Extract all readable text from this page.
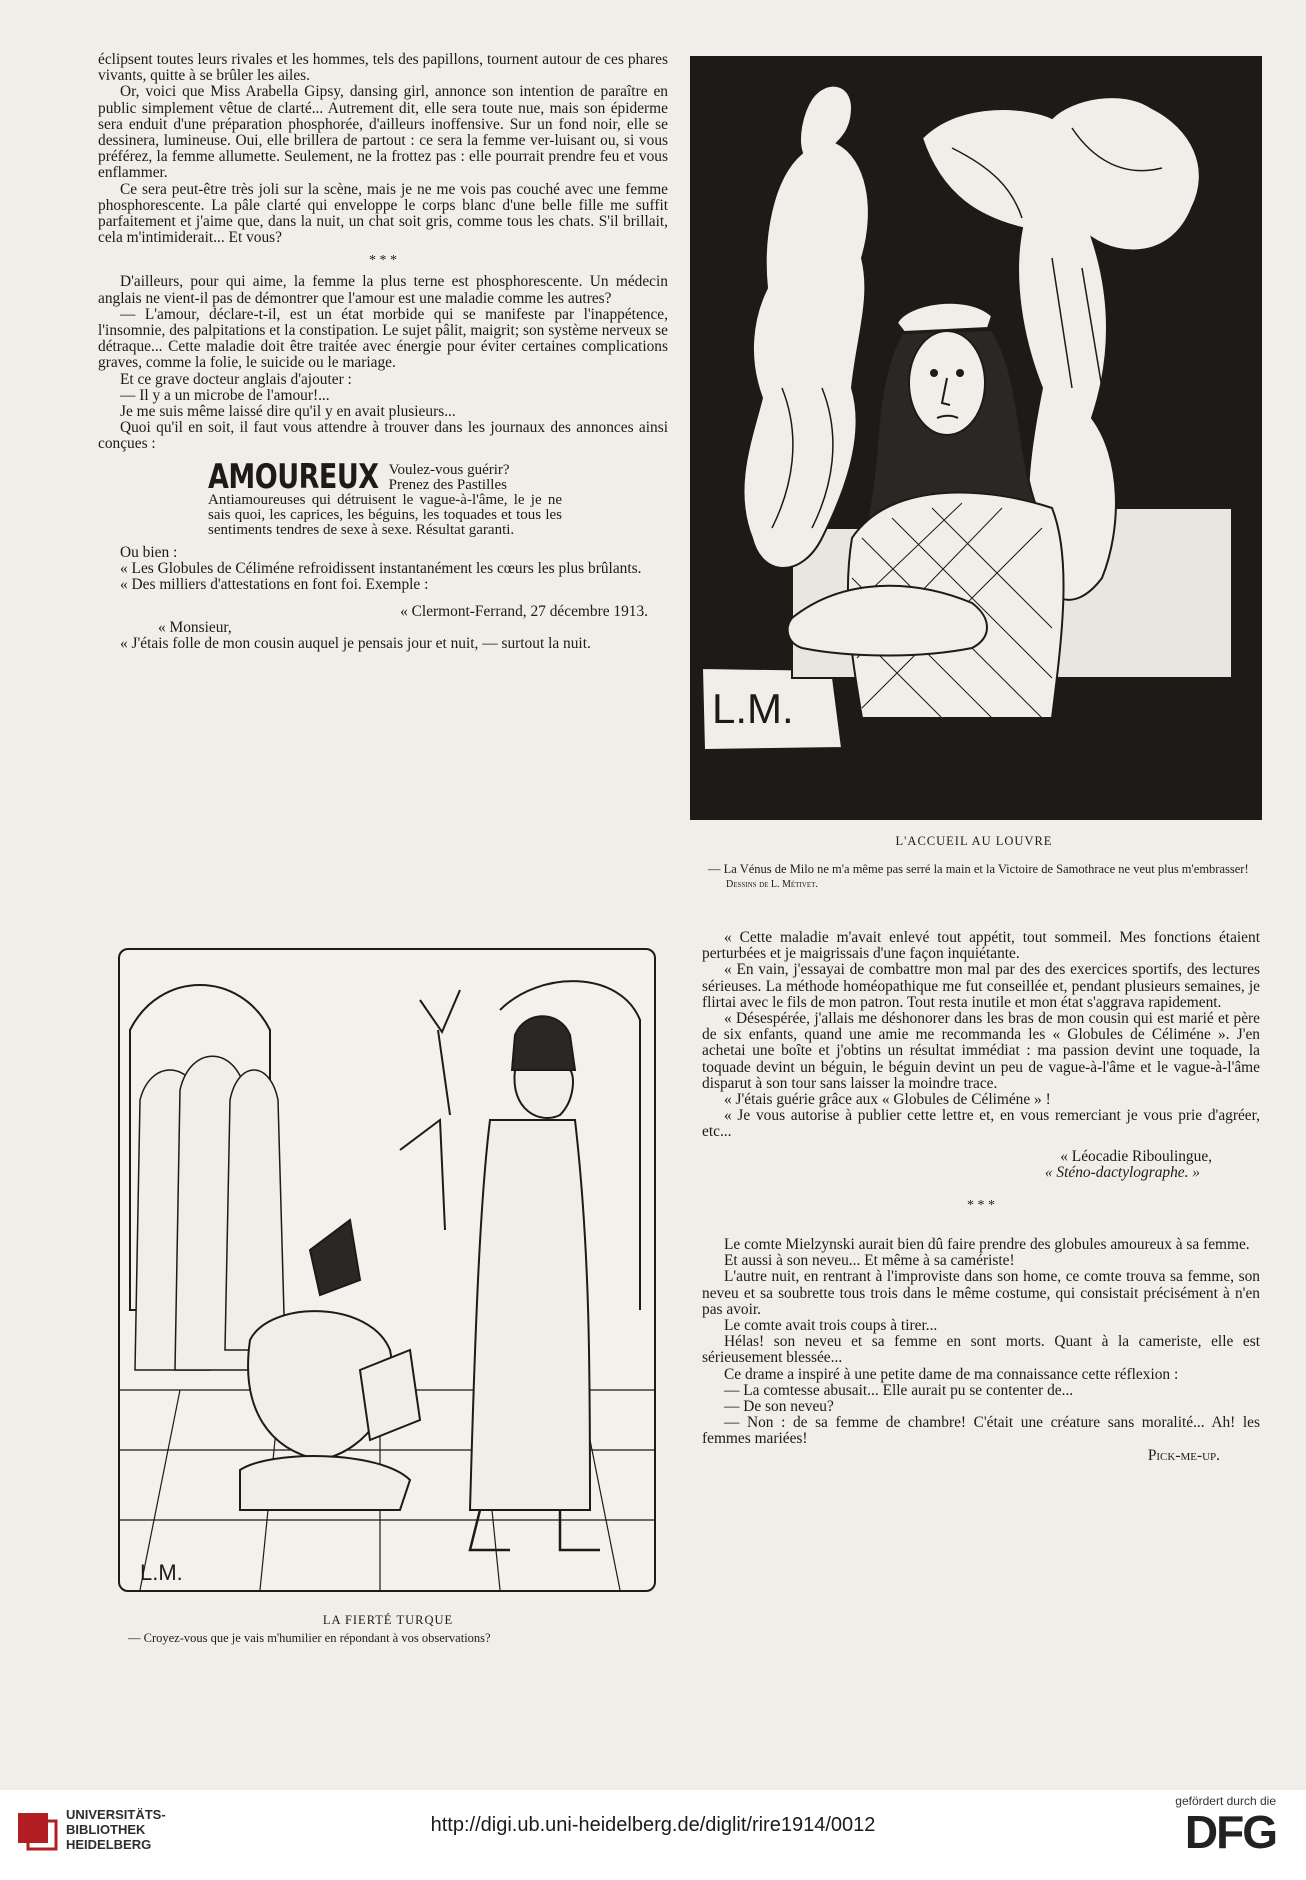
éclipsent toutes leurs rivales et les hommes, tels des papillons, tournent autour de ces phares vivants, quitte à se brûler les ailes.

Or, voici que Miss Arabella Gipsy, dansing girl, annonce son intention de paraître en public simplement vêtue de clarté... Autrement dit, elle sera toute nue, mais son épiderme sera enduit d'une préparation phosphorée, d'ailleurs inoffensive. Sur un fond noir, elle se dessinera, lumineuse. Oui, elle brillera de partout : ce sera la femme ver-luisant ou, si vous préférez, la femme allumette. Seulement, ne la frottez pas : elle pourrait prendre feu et vous enflammer.

Ce sera peut-être très joli sur la scène, mais je ne me vois pas couché avec une femme phosphorescente. La pâle clarté qui enveloppe le corps blanc d'une belle fille me suffit parfaitement et j'aime que, dans la nuit, un chat soit gris, comme tous les chats. S'il brillait, cela m'intimiderait... Et vous?

* * *

D'ailleurs, pour qui aime, la femme la plus terne est phosphorescente. Un médecin anglais ne vient-il pas de démontrer que l'amour est une maladie comme les autres?

— L'amour, déclare-t-il, est un état morbide qui se manifeste par l'inappétence, l'insomnie, des palpitations et la constipation. Le sujet pâlit, maigrit; son système nerveux se détraque... Cette maladie doit être traitée avec énergie pour éviter certaines complications graves, comme la folie, le suicide ou le mariage.

Et ce grave docteur anglais d'ajouter :

— Il y a un microbe de l'amour!...

Je me suis même laissé dire qu'il y en avait plusieurs...

Quoi qu'il en soit, il faut vous attendre à trouver dans les journaux des annonces ainsi conçues :

AMOUREUX Voulez-vous guérir?
Prenez des Pastilles

Antiamoureuses qui détruisent le vague-à-l'âme, le je ne sais quoi, les caprices, les béguins, les toquades et tous les sentiments tendres de sexe à sexe. Résultat garanti.

Ou bien :

« Les Globules de Céliméne refroidissent instantanément les cœurs les plus brûlants.

« Des milliers d'attestations en font foi. Exemple :

« Clermont-Ferrand, 27 décembre 1913.

« Monsieur,

« J'étais folle de mon cousin auquel je pensais jour et nuit, — surtout la nuit.

L.M.
L'ACCUEIL AU LOUVRE
— La Vénus de Milo ne m'a même pas serré la main et la Victoire de Samothrace ne veut plus m'embrasser! Dessins de L. Métivet.

« Cette maladie m'avait enlevé tout appétit, tout sommeil. Mes fonctions étaient perturbées et je maigrissais d'une façon inquiétante.

« En vain, j'essayai de combattre mon mal par des des exercices sportifs, des lectures sérieuses. La méthode homéopathique me fut conseillée et, pendant plusieurs semaines, je flirtai avec le fils de mon patron. Tout resta inutile et mon état s'aggrava rapidement.

« Désespérée, j'allais me déshonorer dans les bras de mon cousin qui est marié et père de six enfants, quand une amie me recommanda les « Globules de Céliméne ». J'en achetai une boîte et j'obtins un résultat immédiat : ma passion devint une toquade, la toquade devint un béguin, le béguin devint un peu de vague-à-l'âme et le vague-à-l'âme disparut à son tour sans laisser la moindre trace.

« J'étais guérie grâce aux « Globules de Céliméne » !

« Je vous autorise à publier cette lettre et, en vous remerciant je vous prie d'agréer, etc...

« Léocadie Riboulingue,

« Sténo-dactylographe. »

* * *

Le comte Mielzynski aurait bien dû faire prendre des globules amoureux à sa femme.

Et aussi à son neveu... Et même à sa camériste!

L'autre nuit, en rentrant à l'improviste dans son home, ce comte trouva sa femme, son neveu et sa soubrette tous trois dans le même costume, qui consistait précisément à n'en pas avoir.

Le comte avait trois coups à tirer...

Hélas! son neveu et sa femme en sont morts. Quant à la cameriste, elle est sérieusement blessée...

Ce drame a inspiré à une petite dame de ma connaissance cette réflexion :

— La comtesse abusait... Elle aurait pu se contenter de...

— De son neveu?

— Non : de sa femme de chambre! C'était une créature sans moralité... Ah! les femmes mariées!

Pick-me-up.

L.M.
LA FIERTÉ TURQUE
— Croyez-vous que je vais m'humilier en répondant à vos observations?
UNIVERSITÄTS-
BIBLIOTHEK
HEIDELBERG
http://digi.ub.uni-heidelberg.de/diglit/rire1914/0012
gefördert durch die
DFG
